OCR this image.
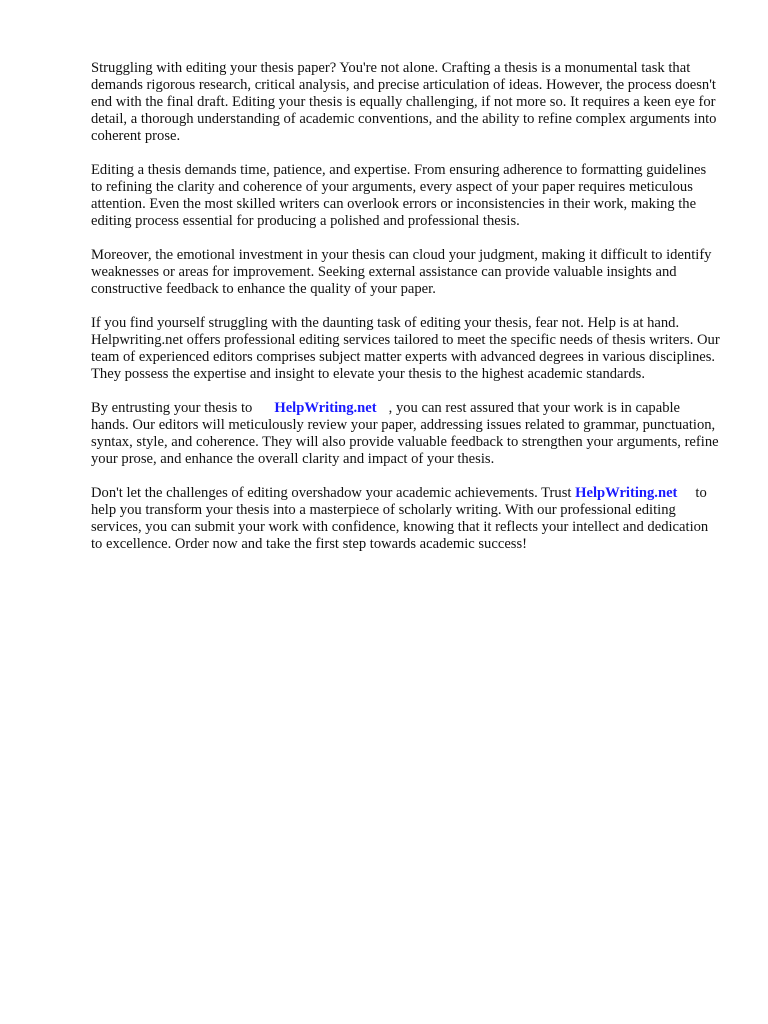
Struggling with editing your thesis paper? You're not alone. Crafting a thesis is a monumental task that demands rigorous research, critical analysis, and precise articulation of ideas. However, the process doesn't end with the final draft. Editing your thesis is equally challenging, if not more so. It requires a keen eye for detail, a thorough understanding of academic conventions, and the ability to refine complex arguments into coherent prose.

Editing a thesis demands time, patience, and expertise. From ensuring adherence to formatting guidelines to refining the clarity and coherence of your arguments, every aspect of your paper requires meticulous attention. Even the most skilled writers can overlook errors or inconsistencies in their work, making the editing process essential for producing a polished and professional thesis.

Moreover, the emotional investment in your thesis can cloud your judgment, making it difficult to identify weaknesses or areas for improvement. Seeking external assistance can provide valuable insights and constructive feedback to enhance the quality of your paper.

If you find yourself struggling with the daunting task of editing your thesis, fear not. Help is at hand. Helpwriting.net offers professional editing services tailored to meet the specific needs of thesis writers. Our team of experienced editors comprises subject matter experts with advanced degrees in various disciplines. They possess the expertise and insight to elevate your thesis to the highest academic standards.

By entrusting your thesis to HelpWriting.net , you can rest assured that your work is in capable hands. Our editors will meticulously review your paper, addressing issues related to grammar, punctuation, syntax, style, and coherence. They will also provide valuable feedback to strengthen your arguments, refine your prose, and enhance the overall clarity and impact of your thesis.

Don't let the challenges of editing overshadow your academic achievements. Trust HelpWriting.net to help you transform your thesis into a masterpiece of scholarly writing. With our professional editing services, you can submit your work with confidence, knowing that it reflects your intellect and dedication to excellence. Order now and take the first step towards academic success!
